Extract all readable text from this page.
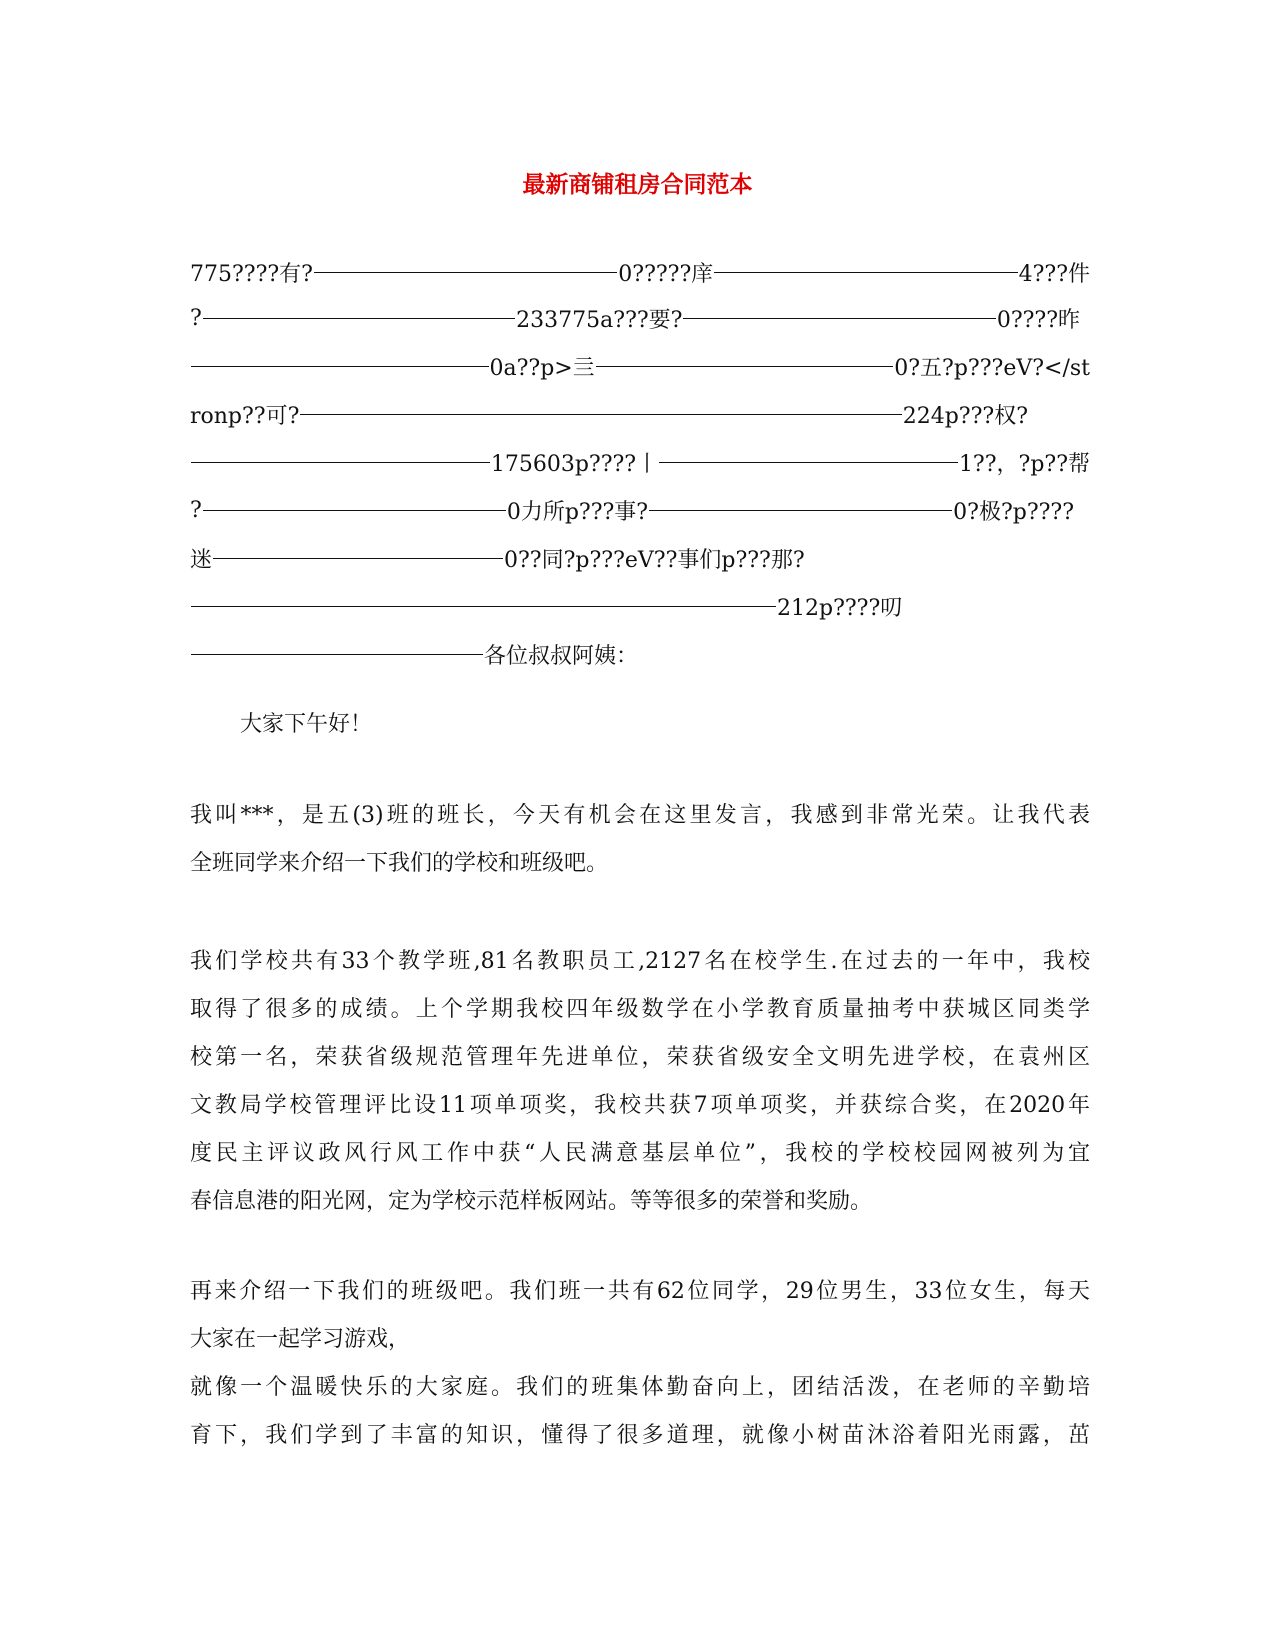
最新商铺租房合同范本
775????有?	0?????庠	4???件
?	233775a???要?	0????昨
0a??p>亖	0?五?p???eV?</st
ronp??可?	224p???权?
175603p????丨	1??，?p??帮
?	0力所p???事?	0?极?p????
迷	0??同?p???eV??事们p???那?
212p????叨
各位叔叔阿姨：
大家下午好！
我叫***，是五(3)班的班长，今天有机会在这里发言，我感到非常光荣。让我代表
全班同学来介绍一下我们的学校和班级吧。
我们学校共有33个教学班,81名教职员工,2127名在校学生.在过去的一年中，我校
取得了很多的成绩。上个学期我校四年级数学在小学教育质量抽考中获城区同类学
校第一名，荣获省级规范管理年先进单位，荣获省级安全文明先进学校，在袁州区
文教局学校管理评比设11项单项奖，我校共获7项单项奖，并获综合奖，在2020年
度民主评议政风行风工作中获“人民满意基层单位”，我校的学校校园网被列为宜
春信息港的阳光网，定为学校示范样板网站。等等很多的荣誉和奖励。
再来介绍一下我们的班级吧。我们班一共有62位同学，29位男生，33位女生，每天
大家在一起学习游戏，
就像一个温暖快乐的大家庭。我们的班集体勤奋向上，团结活泼，在老师的辛勤培
育下，我们学到了丰富的知识，懂得了很多道理，就像小树苗沐浴着阳光雨露，茁
